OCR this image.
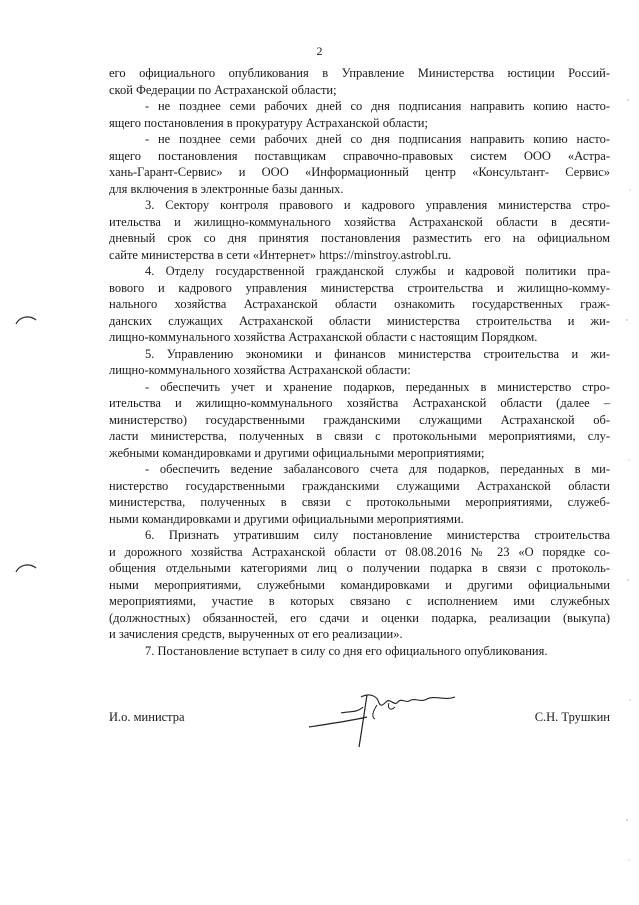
2
его официального опубликования в Управление Министерства юстиции Россий-
ской Федерации по Астраханской области;
- не позднее семи рабочих дней со дня подписания направить копию насто-
ящего постановления в прокуратуру Астраханской области;
- не позднее семи рабочих дней со дня подписания направить копию насто-
ящего постановления поставщикам справочно-правовых систем ООО «Астра-
хань-Гарант-Сервис» и ООО «Информационный центр «Консультант- Сервис»
для включения в электронные базы данных.
3. Сектору контроля правового и кадрового управления министерства стро-
ительства и жилищно-коммунального хозяйства Астраханской области в десяти-
дневный срок со дня принятия постановления разместить его на официальном
сайте министерства в сети «Интернет» https://minstroy.astrobl.ru.
4. Отделу государственной гражданской службы и кадровой политики пра-
вового и кадрового управления министерства строительства и жилищно-комму-
нального хозяйства Астраханской области ознакомить государственных граж-
данских служащих Астраханской области министерства строительства и жи-
лищно-коммунального хозяйства Астраханской области с настоящим Порядком.
5. Управлению экономики и финансов министерства строительства и жи-
лищно-коммунального хозяйства Астраханской области:
- обеспечить учет и хранение подарков, переданных в министерство стро-
ительства и жилищно-коммунального хозяйства Астраханской области (далее –
министерство) государственными гражданскими служащими Астраханской об-
ласти министерства, полученных в связи с протокольными мероприятиями, слу-
жебными командировками и другими официальными мероприятиями;
- обеспечить ведение забалансового счета для подарков, переданных в ми-
нистерство государственными гражданскими служащими Астраханской области
министерства, полученных в связи с протокольными мероприятиями, служеб-
ными командировками и другими официальными мероприятиями.
6. Признать утратившим силу постановление министерства строительства
и дорожного хозяйства Астраханской области от 08.08.2016 № 23 «О порядке со-
общения отдельными категориями лиц о получении подарка в связи с протоколь-
ными мероприятиями, служебными командировками и другими официальными
мероприятиями, участие в которых связано с исполнением ими служебных
(должностных) обязанностей, его сдачи и оценки подарка, реализации (выкупа)
и зачисления средств, вырученных от его реализации».
7. Постановление вступает в силу со дня его официального опубликования.
И.о. министра	С.Н. Трушкин
